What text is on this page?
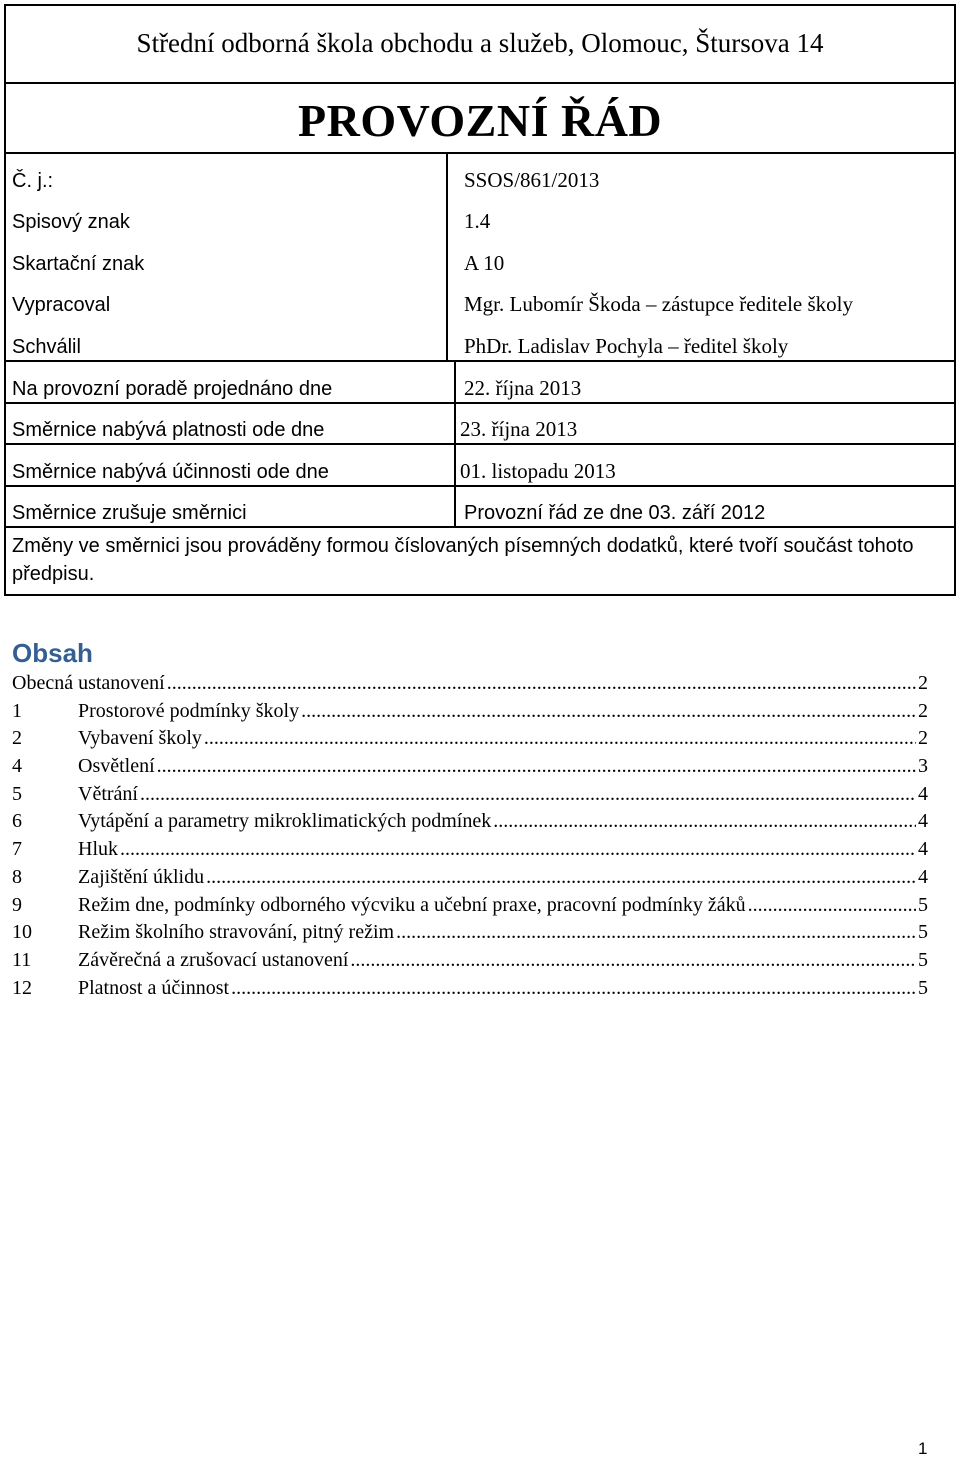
Střední odborná škola obchodu a služeb, Olomouc, Štursova 14
PROVOZNÍ ŘÁD
Č. j.:	SSOS/861/2013
Spisový znak	1.4
Skartační znak	A 10
Vypracoval	Mgr. Lubomír Škoda – zástupce ředitele školy
Schválil	PhDr. Ladislav Pochyla – ředitel školy
Na provozní poradě projednáno dne	22. října 2013
Směrnice nabývá platnosti ode dne	23. října 2013
Směrnice nabývá účinnosti ode dne	01. listopadu 2013
Směrnice zrušuje směrnici	Provozní řád ze dne 03. září 2012
Změny ve směrnici jsou prováděny formou číslovaných písemných dodatků, které tvoří součást tohoto předpisu.
Obsah
Obecná ustanovení .....	2
1	Prostorové podmínky školy .....	2
2	Vybavení školy .....	2
4	Osvětlení .....	3
5	Větrání .....	4
6	Vytápění a parametry mikroklimatických podmínek .....	4
7	Hluk .....	4
8	Zajištění úklidu .....	4
9	Režim dne, podmínky odborného výcviku a učební praxe, pracovní podmínky žáků .....	5
10	Režim školního stravování, pitný režim .....	5
11	Závěrečná a zrušovací ustanovení .....	5
12	Platnost a účinnost .....	5
1
